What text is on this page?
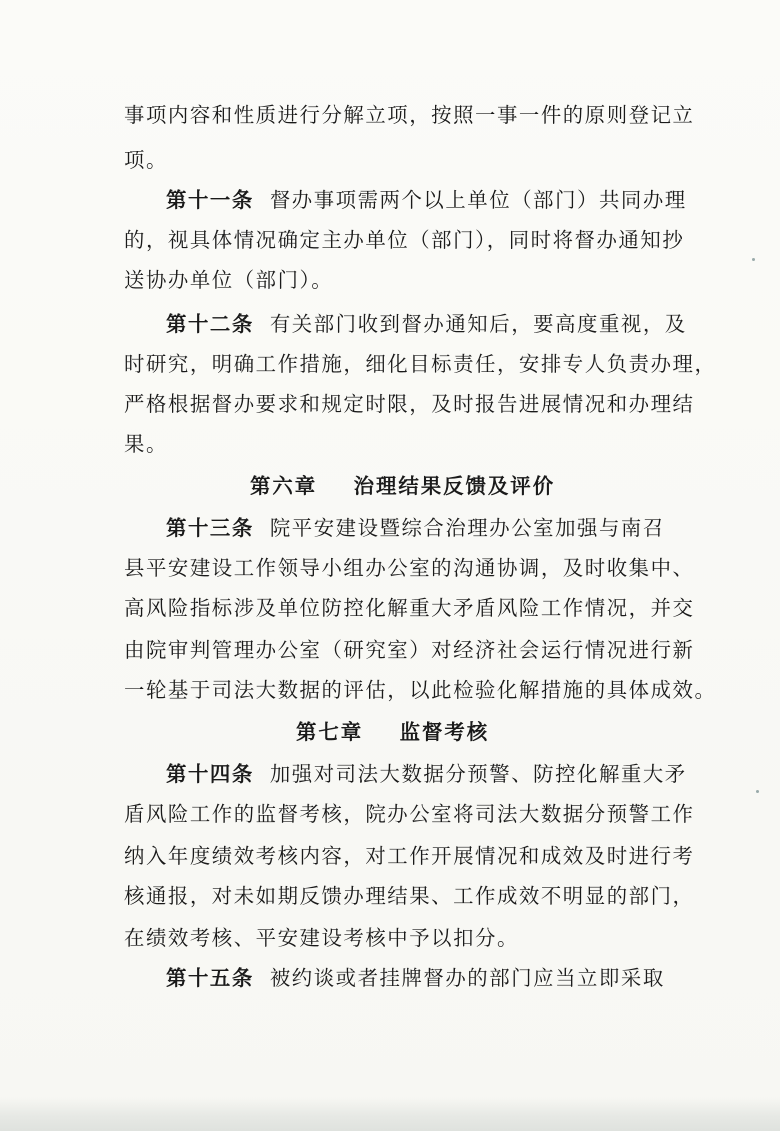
事项内容和性质进行分解立项，按照一事一件的原则登记立

项。

第十一条 督办事项需两个以上单位（部门）共同办理

的，视具体情况确定主办单位（部门），同时将督办通知抄

送协办单位（部门）。

第十二条 有关部门收到督办通知后，要高度重视，及

时研究，明确工作措施，细化目标责任，安排专人负责办理，

严格根据督办要求和规定时限，及时报告进展情况和办理结

果。

第六章 治理结果反馈及评价

第十三条 院平安建设暨综合治理办公室加强与南召

县平安建设工作领导小组办公室的沟通协调，及时收集中、

高风险指标涉及单位防控化解重大矛盾风险工作情况，并交

由院审判管理办公室（研究室）对经济社会运行情况进行新

一轮基于司法大数据的评估，以此检验化解措施的具体成效。

第七章 监督考核

第十四条 加强对司法大数据分预警、防控化解重大矛

盾风险工作的监督考核，院办公室将司法大数据分预警工作

纳入年度绩效考核内容，对工作开展情况和成效及时进行考

核通报，对未如期反馈办理结果、工作成效不明显的部门，

在绩效考核、平安建设考核中予以扣分。

第十五条 被约谈或者挂牌督办的部门应当立即采取
